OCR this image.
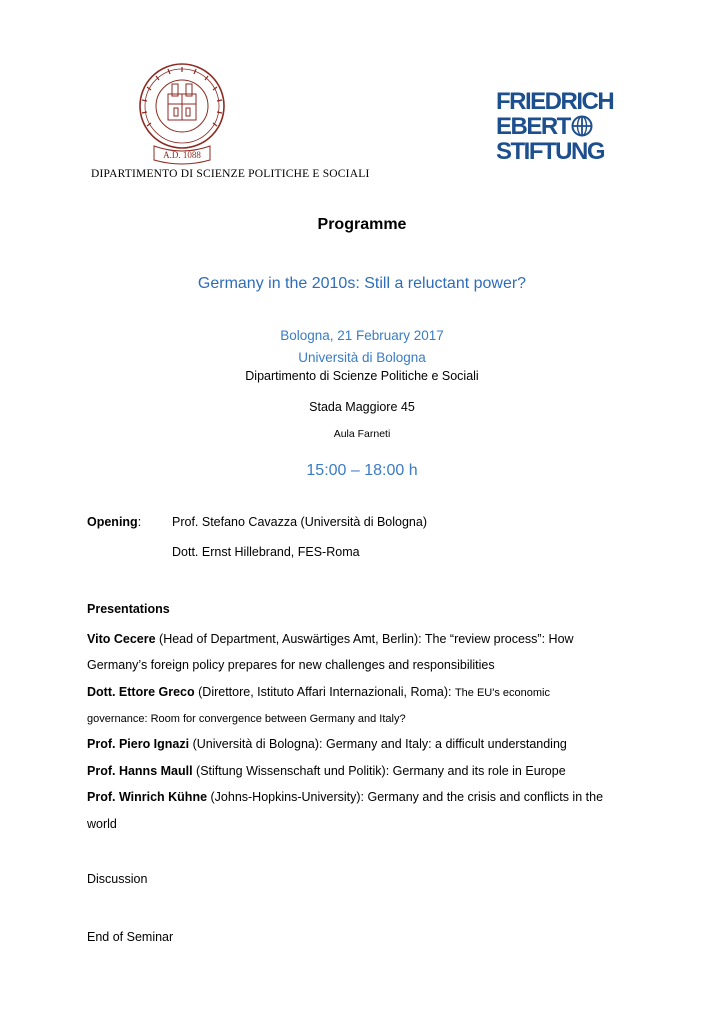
A.D. 1088
DIPARTIMENTO DI SCIENZE POLITICHE E SOCIALI
FRIEDRICH
EBERT
STIFTUNG
Programme
Germany in the 2010s: Still a reluctant power?
Bologna, 21 February 2017
Università di Bologna
Dipartimento di Scienze Politiche e Sociali
Stada Maggiore 45
Aula Farneti
15:00 – 18:00 h
Opening: Prof. Stefano Cavazza (Università di Bologna)
Dott. Ernst Hillebrand, FES-Roma
Presentations
Vito Cecere (Head of Department, Auswärtiges Amt, Berlin): The “review process”: How
Germany’s foreign policy prepares for new challenges and responsibilities
Dott. Ettore Greco (Direttore, Istituto Affari Internazionali, Roma): The EU's economic
governance: Room for convergence between Germany and Italy?
Prof. Piero Ignazi (Università di Bologna): Germany and Italy: a difficult understanding
Prof. Hanns Maull (Stiftung Wissenschaft und Politik): Germany and its role in Europe
Prof. Winrich Kühne (Johns-Hopkins-University): Germany and the crisis and conflicts in the
world
Discussion
End of Seminar
